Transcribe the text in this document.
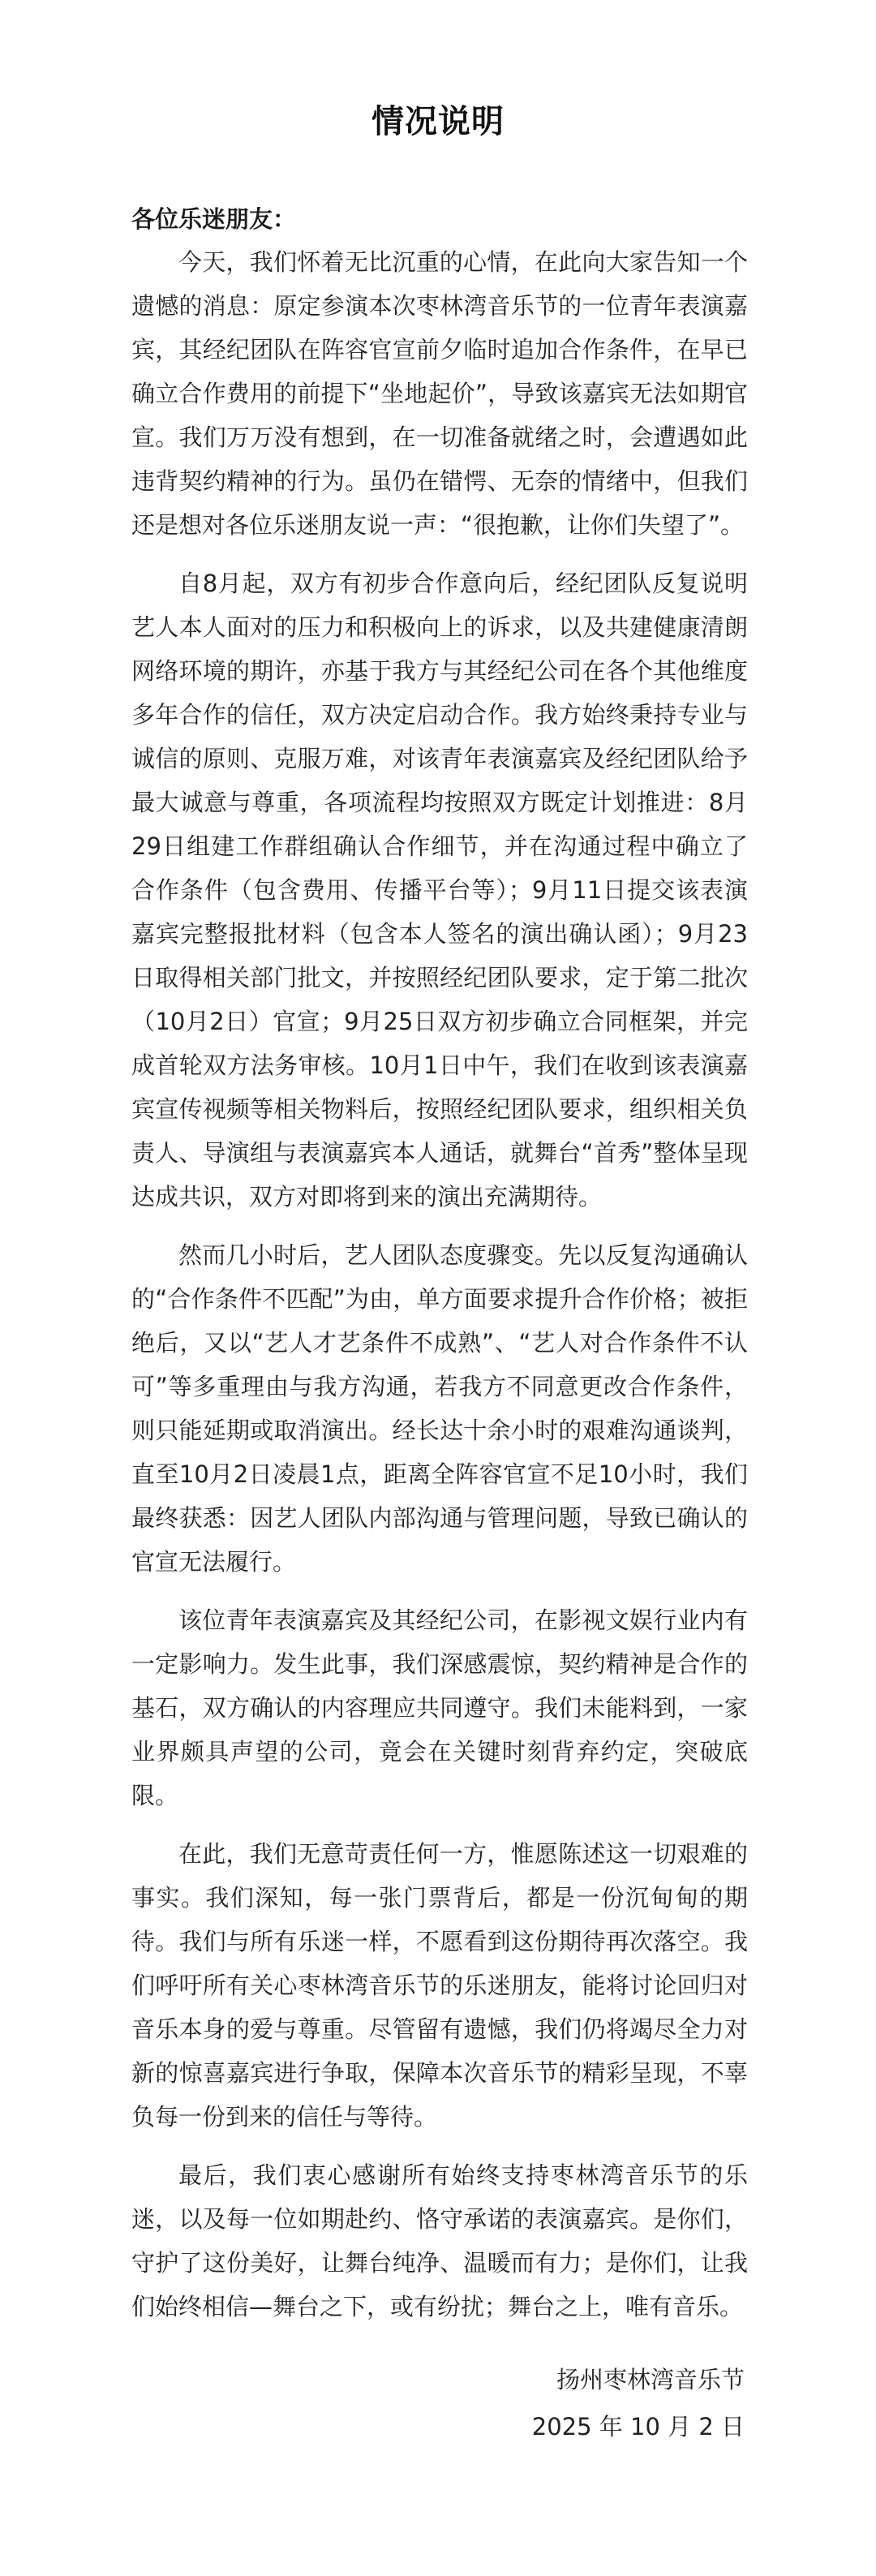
情况说明
各位乐迷朋友：

今天，我们怀着无比沉重的心情，在此向大家告知一个遗憾的消息：原定参演本次枣林湾音乐节的一位青年表演嘉宾，其经纪团队在阵容官宣前夕临时追加合作条件，在早已确立合作费用的前提下“坐地起价”，导致该嘉宾无法如期官宣。我们万万没有想到，在一切准备就绪之时，会遭遇如此违背契约精神的行为。虽仍在错愕、无奈的情绪中，但我们还是想对各位乐迷朋友说一声：“很抱歉，让你们失望了”。

自8月起，双方有初步合作意向后，经纪团队反复说明艺人本人面对的压力和积极向上的诉求，以及共建健康清朗网络环境的期许，亦基于我方与其经纪公司在各个其他维度多年合作的信任，双方决定启动合作。我方始终秉持专业与诚信的原则、克服万难，对该青年表演嘉宾及经纪团队给予最大诚意与尊重，各项流程均按照双方既定计划推进：8月29日组建工作群组确认合作细节，并在沟通过程中确立了合作条件（包含费用、传播平台等）；9月11日提交该表演嘉宾完整报批材料（包含本人签名的演出确认函）；9月23日取得相关部门批文，并按照经纪团队要求，定于第二批次（10月2日）官宣；9月25日双方初步确立合同框架，并完成首轮双方法务审核。10月1日中午，我们在收到该表演嘉宾宣传视频等相关物料后，按照经纪团队要求，组织相关负责人、导演组与表演嘉宾本人通话，就舞台“首秀”整体呈现达成共识，双方对即将到来的演出充满期待。

然而几小时后，艺人团队态度骤变。先以反复沟通确认的“合作条件不匹配”为由，单方面要求提升合作价格；被拒绝后，又以“艺人才艺条件不成熟”、“艺人对合作条件不认可”等多重理由与我方沟通，若我方不同意更改合作条件，则只能延期或取消演出。经长达十余小时的艰难沟通谈判，直至10月2日凌晨1点，距离全阵容官宣不足10小时，我们最终获悉：因艺人团队内部沟通与管理问题，导致已确认的官宣无法履行。

该位青年表演嘉宾及其经纪公司，在影视文娱行业内有一定影响力。发生此事，我们深感震惊，契约精神是合作的基石，双方确认的内容理应共同遵守。我们未能料到，一家业界颇具声望的公司，竟会在关键时刻背弃约定，突破底限。

在此，我们无意苛责任何一方，惟愿陈述这一切艰难的事实。我们深知，每一张门票背后，都是一份沉甸甸的期待。我们与所有乐迷一样，不愿看到这份期待再次落空。我们呼吁所有关心枣林湾音乐节的乐迷朋友，能将讨论回归对音乐本身的爱与尊重。尽管留有遗憾，我们仍将竭尽全力对新的惊喜嘉宾进行争取，保障本次音乐节的精彩呈现，不辜负每一份到来的信任与等待。

最后，我们衷心感谢所有始终支持枣林湾音乐节的乐迷，以及每一位如期赴约、恪守承诺的表演嘉宾。是你们，守护了这份美好，让舞台纯净、温暖而有力；是你们，让我们始终相信—舞台之下，或有纷扰；舞台之上，唯有音乐。

扬州枣林湾音乐节
2025 年 10 月 2 日
